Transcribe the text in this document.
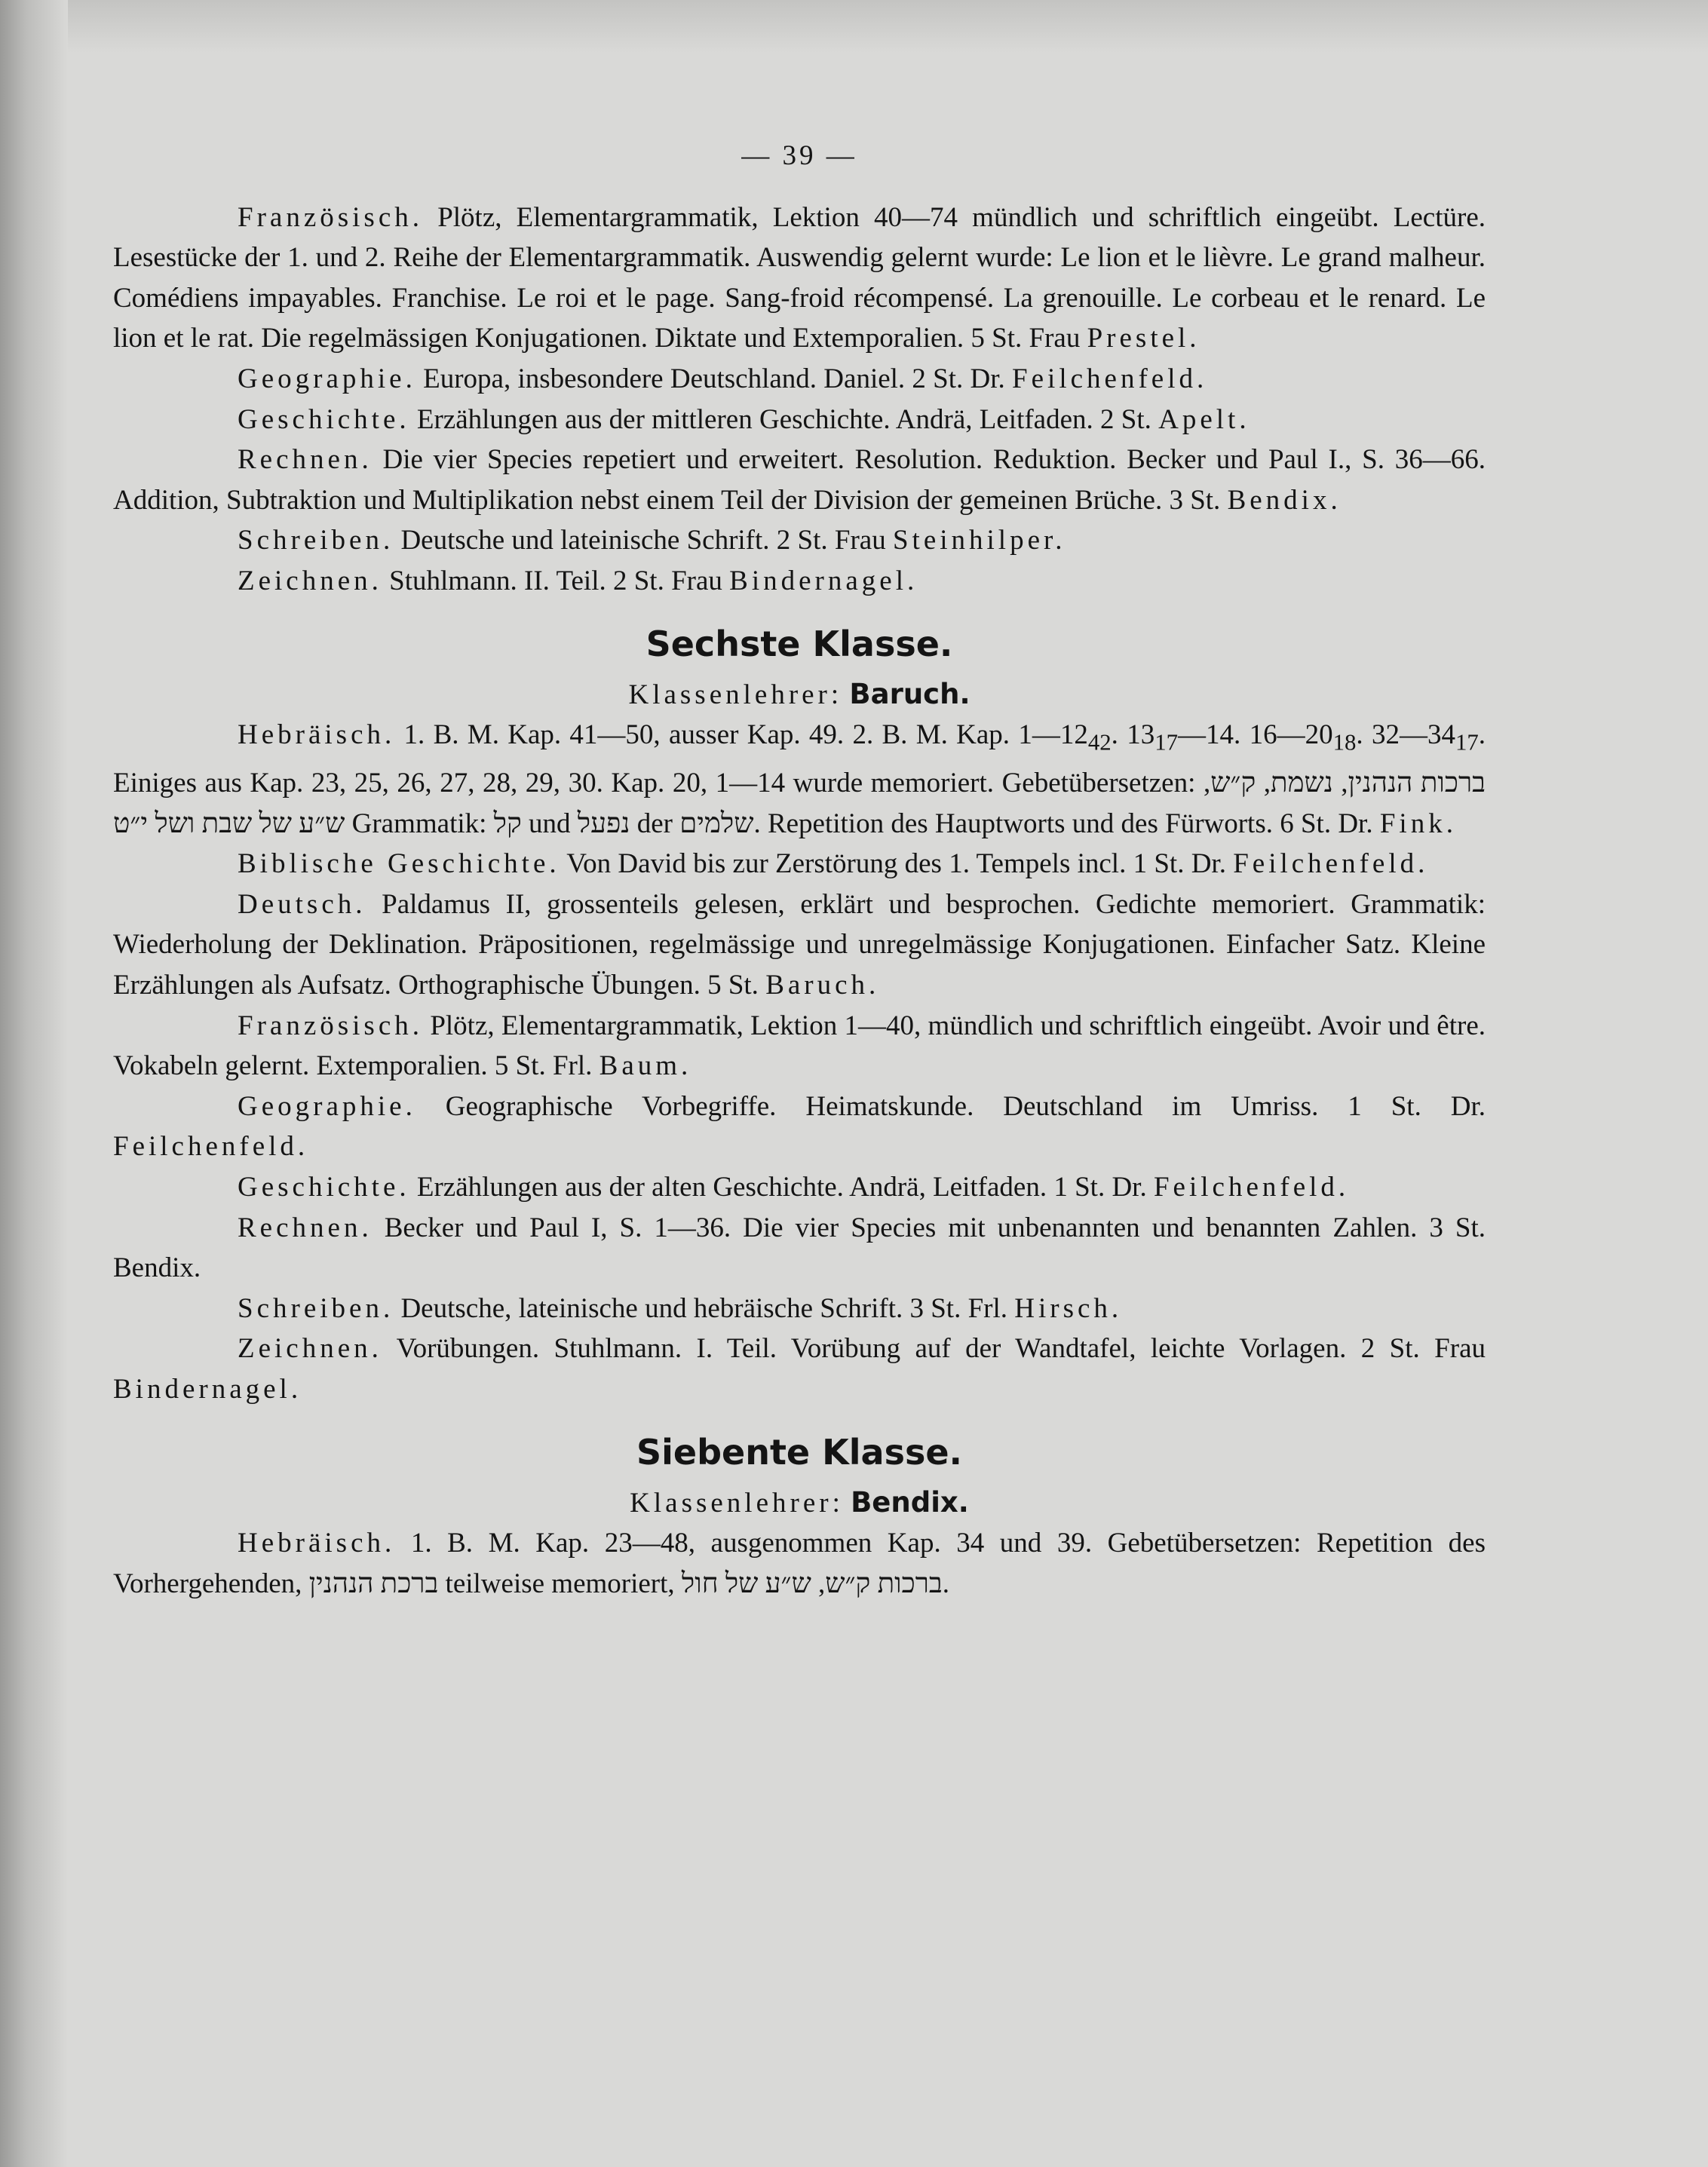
— 39 —

Französisch. Plötz, Elementargrammatik, Lektion 40—74 mündlich und schriftlich eingeübt. Lectüre. Lesestücke der 1. und 2. Reihe der Elementargrammatik. Auswendig gelernt wurde: Le lion et le lièvre. Le grand malheur. Comédiens impayables. Franchise. Le roi et le page. Sang-froid récompensé. La grenouille. Le corbeau et le renard. Le lion et le rat. Die regelmässigen Konjugationen. Diktate und Extemporalien. 5 St. Frau Prestel.

Geographie. Europa, insbesondere Deutschland. Daniel. 2 St. Dr. Feilchenfeld.

Geschichte. Erzählungen aus der mittleren Geschichte. Andrä, Leitfaden. 2 St. Apelt.

Rechnen. Die vier Species repetiert und erweitert. Resolution. Reduktion. Becker und Paul I., S. 36—66. Addition, Subtraktion und Multiplikation nebst einem Teil der Division der gemeinen Brüche. 3 St. Bendix.

Schreiben. Deutsche und lateinische Schrift. 2 St. Frau Steinhilper.

Zeichnen. Stuhlmann. II. Teil. 2 St. Frau Bindernagel.

Sechste Klasse.

Klassenlehrer: Baruch.

Hebräisch. 1. B. M. Kap. 41—50, ausser Kap. 49. 2. B. M. Kap. $1—12_{42}$. $13_{17}—14$. $16—20_{18}$. $32—34_{17}$. Einiges aus Kap. 23, 25, 26, 27, 28, 29, 30. Kap. 20, 1—14 wurde memoriert. Gebetübersetzen: ברכות הנהנין, נשמת, ק״ש, ש״ע של שבת ושל י״ט Grammatik: קל und נפעל der שלמים. Repetition des Hauptworts und des Fürworts. 6 St. Dr. Fink.

Biblische Geschichte. Von David bis zur Zerstörung des 1. Tempels incl. 1 St. Dr. Feilchenfeld.

Deutsch. Paldamus II, grossenteils gelesen, erklärt und besprochen. Gedichte memoriert. Grammatik: Wiederholung der Deklination. Präpositionen, regelmässige und unregelmässige Konjugationen. Einfacher Satz. Kleine Erzählungen als Aufsatz. Orthographische Übungen. 5 St. Baruch.

Französisch. Plötz, Elementargrammatik, Lektion 1—40, mündlich und schriftlich eingeübt. Avoir und être. Vokabeln gelernt. Extemporalien. 5 St. Frl. Baum.

Geographie. Geographische Vorbegriffe. Heimatskunde. Deutschland im Umriss. 1 St. Dr. Feilchenfeld.

Geschichte. Erzählungen aus der alten Geschichte. Andrä, Leitfaden. 1 St. Dr. Feilchenfeld.

Rechnen. Becker und Paul I, S. 1—36. Die vier Species mit unbenannten und benannten Zahlen. 3 St. Bendix.

Schreiben. Deutsche, lateinische und hebräische Schrift. 3 St. Frl. Hirsch.

Zeichnen. Vorübungen. Stuhlmann. I. Teil. Vorübung auf der Wandtafel, leichte Vorlagen. 2 St. Frau Bindernagel.

Siebente Klasse.

Klassenlehrer: Bendix.

Hebräisch. 1. B. M. Kap. 23—48, ausgenommen Kap. 34 und 39. Gebetübersetzen: Repetition des Vorhergehenden, ברכת הנהנין teilweise memoriert, ברכות ק״ש, ש״ע של חול.
